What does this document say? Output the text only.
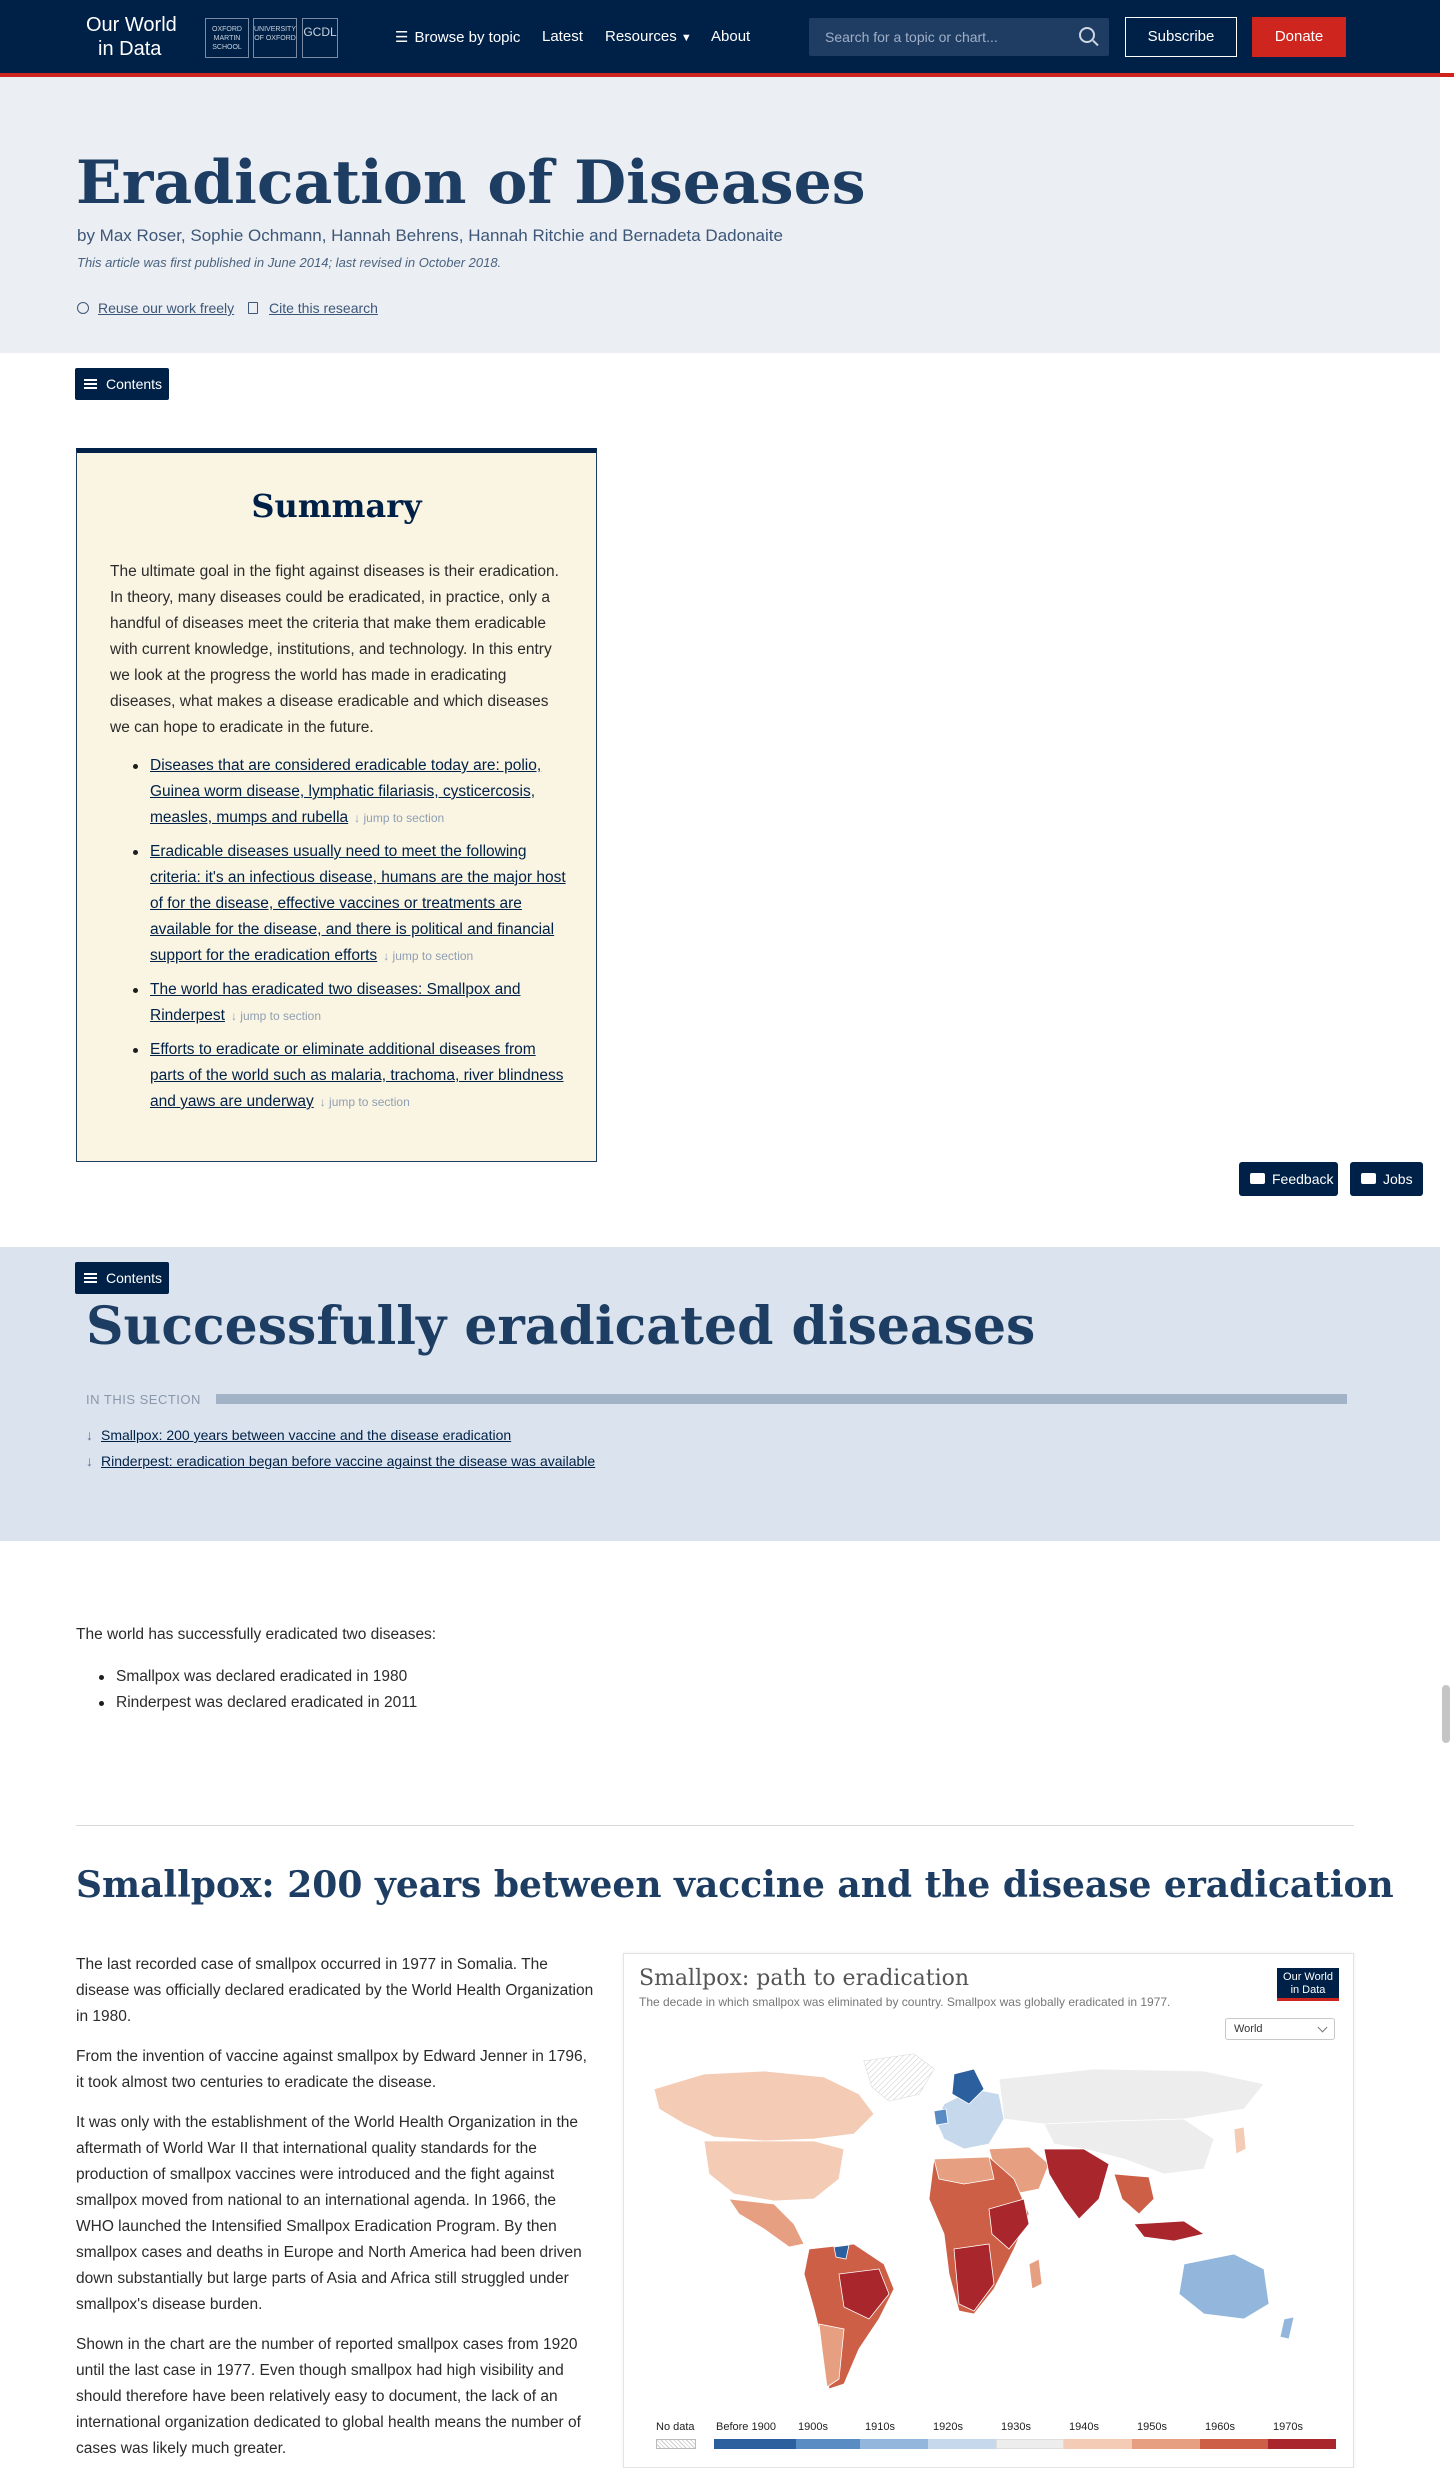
Our World
in Data
OXFORD MARTIN SCHOOL
UNIVERSITY OF OXFORD GCDL	☰ Browse by topic Latest Resources ▼ About	Search for a topic or chart...	Subscribe	Donate
Eradication of Diseases
by Max Roser, Sophie Ochmann, Hannah Behrens, Hannah Ritchie and Bernadeta Dadonaite
This article was first published in June 2014; last revised in October 2018.
Reuse our work freely Cite this research
Contents
Summary

The ultimate goal in the fight against diseases is their eradication. In theory, many diseases could be eradicated, in practice, only a handful of diseases meet the criteria that make them eradicable with current knowledge, institutions, and technology. In this entry we look at the progress the world has made in eradicating diseases, what makes a disease eradicable and which diseases we can hope to eradicate in the future.

Diseases that are considered eradicable today are: polio, Guinea worm disease, lymphatic filariasis, cysticercosis, measles, mumps and rubella ↓ jump to section
Eradicable diseases usually need to meet the following criteria: it's an infectious disease, humans are the major host of for the disease, effective vaccines or treatments are available for the disease, and there is political and financial support for the eradication efforts ↓ jump to section
The world has eradicated two diseases: Smallpox and Rinderpest ↓ jump to section
Efforts to eradicate or eliminate additional diseases from parts of the world such as malaria, trachoma, river blindness and yaws are underway ↓ jump to section
Feedback	Jobs
Contents
Successfully eradicated diseases
IN THIS SECTION
↓ Smallpox: 200 years between vaccine and the disease eradication
↓ Rinderpest: eradication began before vaccine against the disease was available

The world has successfully eradicated two diseases:

Smallpox was declared eradicated in 1980
Rinderpest was declared eradicated in 2011
Smallpox: 200 years between vaccine and the disease eradication

The last recorded case of smallpox occurred in 1977 in Somalia. The disease was officially declared eradicated by the World Health Organization in 1980.

From the invention of vaccine against smallpox by Edward Jenner in 1796, it took almost two centuries to eradicate the disease.

It was only with the establishment of the World Health Organization in the aftermath of World War II that international quality standards for the production of smallpox vaccines were introduced and the fight against smallpox moved from national to an international agenda. In 1966, the WHO launched the Intensified Smallpox Eradication Program. By then smallpox cases and deaths in Europe and North America had been driven down substantially but large parts of Asia and Africa still struggled under smallpox's disease burden.

Shown in the chart are the number of reported smallpox cases from 1920 until the last case in 1977. Even though smallpox had high visibility and should therefore have been relatively easy to document, the lack of an international organization dedicated to global health means the number of cases was likely much greater.

Smallpox: path to eradication
The decade in which smallpox was eliminated by country. Smallpox was globally eradicated in 1977.
Our World
in Data
World
No data Before 1900 1900s	1910s	1920s	1930s	1940s	1950s	1960s	1970s
